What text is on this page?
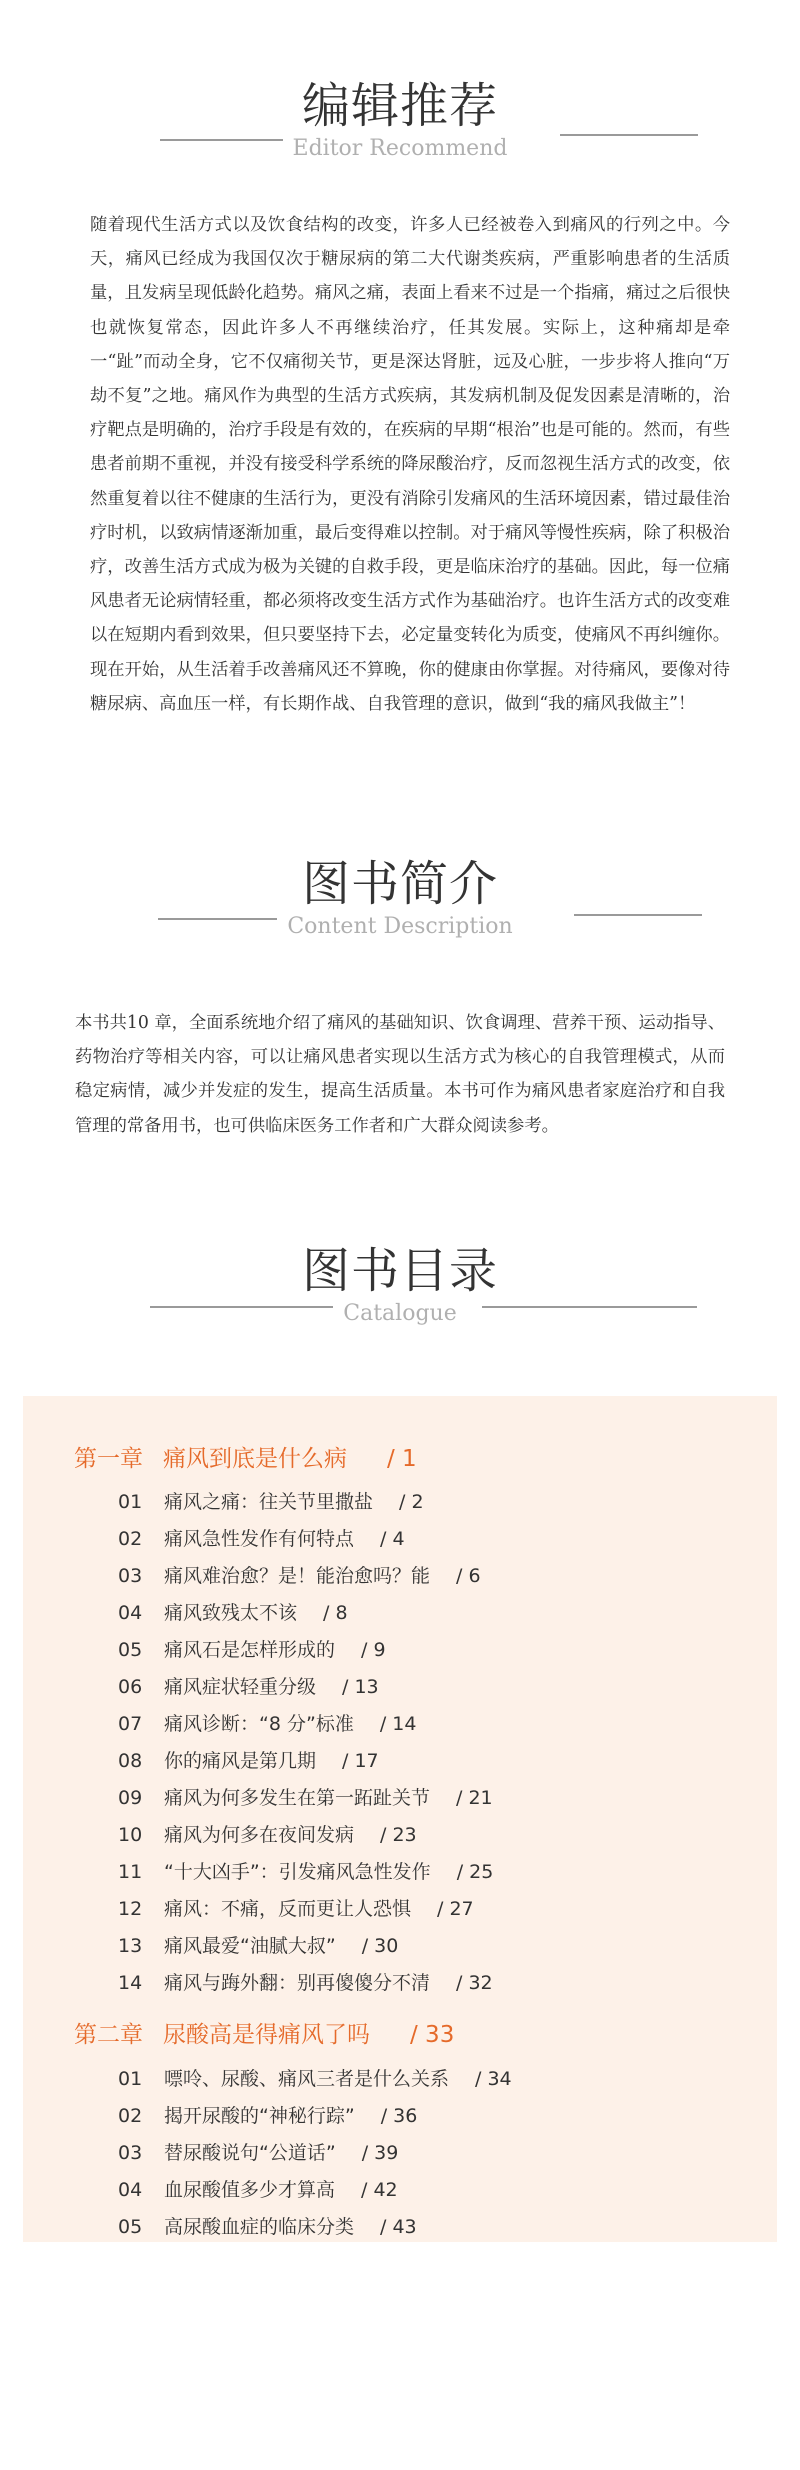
编辑推荐
Editor Recommend

随着现代生活方式以及饮食结构的改变，许多人已经被卷入到痛风的行列之中。今天，痛风已经成为我国仅次于糖尿病的第二大代谢类疾病，严重影响患者的生活质量，且发病呈现低龄化趋势。痛风之痛，表面上看来不过是一个指痛，痛过之后很快也就恢复常态，因此许多人不再继续治疗，任其发展。实际上，这种痛却是牵一“趾”而动全身，它不仅痛彻关节，更是深达肾脏，远及心脏，一步步将人推向“万劫不复”之地。痛风作为典型的生活方式疾病，其发病机制及促发因素是清晰的，治疗靶点是明确的，治疗手段是有效的，在疾病的早期“根治”也是可能的。然而，有些患者前期不重视，并没有接受科学系统的降尿酸治疗，反而忽视生活方式的改变，依然重复着以往不健康的生活行为，更没有消除引发痛风的生活环境因素，错过最佳治疗时机，以致病情逐渐加重，最后变得难以控制。对于痛风等慢性疾病，除了积极治疗，改善生活方式成为极为关键的自救手段，更是临床治疗的基础。因此，每一位痛风患者无论病情轻重，都必须将改变生活方式作为基础治疗。也许生活方式的改变难以在短期内看到效果，但只要坚持下去，必定量变转化为质变，使痛风不再纠缠你。现在开始，从生活着手改善痛风还不算晚，你的健康由你掌握。对待痛风，要像对待糖尿病、高血压一样，有长期作战、自我管理的意识，做到“我的痛风我做主”！

图书简介
Content Description

本书共10 章，全面系统地介绍了痛风的基础知识、饮食调理、营养干预、运动指导、药物治疗等相关内容，可以让痛风患者实现以生活方式为核心的自我管理模式，从而稳定病情，减少并发症的发生，提高生活质量。本书可作为痛风患者家庭治疗和自我管理的常备用书，也可供临床医务工作者和广大群众阅读参考。

图书目录
Catalogue
第一章 痛风到底是什么病 / 1
01 痛风之痛：往关节里撒盐 / 2
02 痛风急性发作有何特点 / 4
03 痛风难治愈？是！能治愈吗？能 / 6
04 痛风致残太不该 / 8
05 痛风石是怎样形成的 / 9
06 痛风症状轻重分级 / 13
07 痛风诊断：“8 分”标准 / 14
08 你的痛风是第几期 / 17
09 痛风为何多发生在第一跖趾关节 / 21
10 痛风为何多在夜间发病 / 23
11 “十大凶手”：引发痛风急性发作 / 25
12 痛风：不痛，反而更让人恐惧 / 27
13 痛风最爱“油腻大叔” / 30
14 痛风与踇外翻：别再傻傻分不清 / 32
第二章 尿酸高是得痛风了吗 / 33
01 嘌呤、尿酸、痛风三者是什么关系 / 34
02 揭开尿酸的“神秘行踪” / 36
03 替尿酸说句“公道话” / 39
04 血尿酸值多少才算高 / 42
05 高尿酸血症的临床分类 / 43
